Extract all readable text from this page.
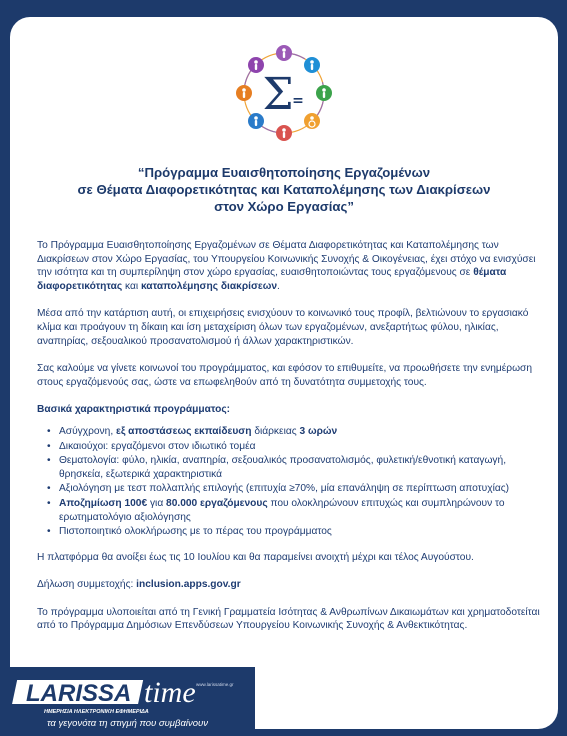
Σ
=
“Πρόγραμμα Ευαισθητοποίησης Εργαζομένων
σε Θέματα Διαφορετικότητας και Καταπολέμησης των Διακρίσεων
στον Χώρο Εργασίας”

Το Πρόγραμμα Ευαισθητοποίησης Εργαζομένων σε Θέματα Διαφορετικότητας και Καταπολέμησης των Διακρίσεων στον Χώρο Εργασίας, του Υπουργείου Κοινωνικής Συνοχής & Οικογένειας, έχει στόχο να ενισχύσει την ισότητα και τη συμπερίληψη στον χώρο εργασίας, ευαισθητοποιώντας τους εργαζόμενους σε θέματα διαφορετικότητας και καταπολέμησης διακρίσεων.

Μέσα από την κατάρτιση αυτή, οι επιχειρήσεις ενισχύουν το κοινωνικό τους προφίλ, βελτιώνουν το εργασιακό κλίμα και προάγουν τη δίκαιη και ίση μεταχείριση όλων των εργαζομένων, ανεξαρτήτως φύλου, ηλικίας, αναπηρίας, σεξουαλικού προσανατολισμού ή άλλων χαρακτηριστικών.

Σας καλούμε να γίνετε κοινωνοί του προγράμματος, και εφόσον το επιθυμείτε, να προωθήσετε την ενημέρωση στους εργαζόμενούς σας, ώστε να επωφεληθούν από τη δυνατότητα συμμετοχής τους.

Βασικά χαρακτηριστικά προγράμματος:
• Ασύγχρονη, εξ αποστάσεως εκπαίδευση διάρκειας 3 ωρών
• Δικαιούχοι: εργαζόμενοι στον ιδιωτικό τομέα
• Θεματολογία: φύλο, ηλικία, αναπηρία, σεξουαλικός προσανατολισμός, φυλετική/εθνοτική καταγωγή, θρησκεία, εξωτερικά χαρακτηριστικά
• Αξιολόγηση με τεστ πολλαπλής επιλογής (επιτυχία ≥70%, μία επανάληψη σε περίπτωση αποτυχίας)
• Αποζημίωση 100€ για 80.000 εργαζόμενους που ολοκληρώνουν επιτυχώς και συμπληρώνουν το ερωτηματολόγιο αξιολόγησης
• Πιστοποιητικό ολοκλήρωσης με το πέρας του προγράμματος
Η πλατφόρμα θα ανοίξει έως τις 10 Ιουλίου και θα παραμείνει ανοιχτή μέχρι και τέλος Αυγούστου.
Δήλωση συμμετοχής: inclusion.apps.gov.gr

Το πρόγραμμα υλοποιείται από τη Γενική Γραμματεία Ισότητας & Ανθρωπίνων Δικαιωμάτων και χρηματοδοτείται από το Πρόγραμμα Δημόσιων Επενδύσεων Υπουργείου Κοινωνικής Συνοχής & Ανθεκτικότητας.

LARISSA time
ΗΜΕΡΗΣΙΑ ΗΛΕΚΤΡΟΝΙΚΗ ΕΦΗΜΕΡΙΔΑ
www.larissatime.gr
τα γεγονότα τη στιγμή που συμβαίνουν
